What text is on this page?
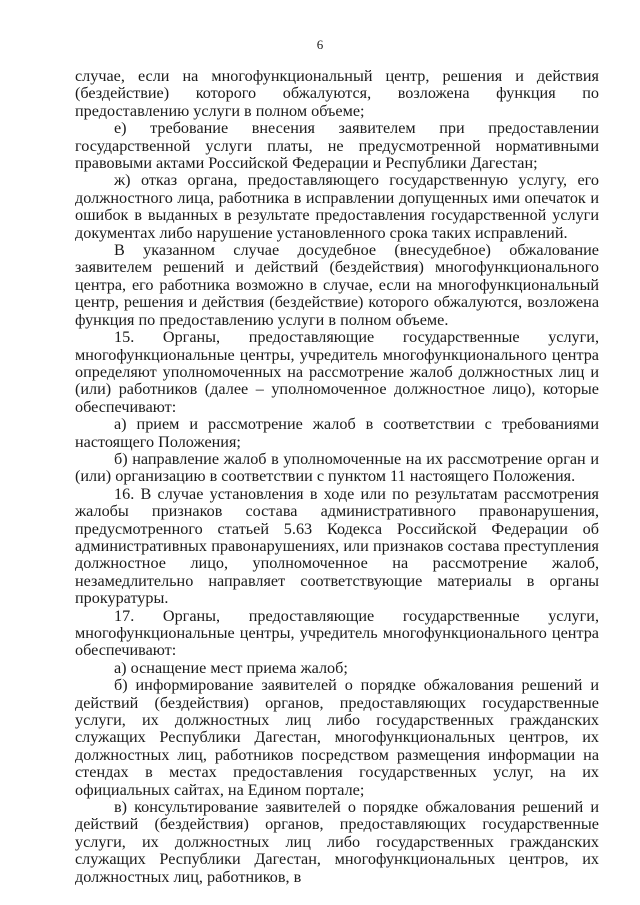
6

случае, если на многофункциональный центр, решения и действия (бездействие) которого обжалуются, возложена функция по предоставлению услуги в полном объеме;

е) требование внесения заявителем при предоставлении государственной услуги платы, не предусмотренной нормативными правовыми актами Российской Федерации и Республики Дагестан;

ж) отказ органа, предоставляющего государственную услугу, его должностного лица, работника в исправлении допущенных ими опечаток и ошибок в выданных в результате предоставления государственной услуги документах либо нарушение установленного срока таких исправлений.

В указанном случае досудебное (внесудебное) обжалование заявителем решений и действий (бездействия) многофункционального центра, его работника возможно в случае, если на многофункциональный центр, решения и действия (бездействие) которого обжалуются, возложена функция по предоставлению услуги в полном объеме.

15. Органы, предоставляющие государственные услуги, многофункциональные центры, учредитель многофункционального центра определяют уполномоченных на рассмотрение жалоб должностных лиц и (или) работников (далее – уполномоченное должностное лицо), которые обеспечивают:

а) прием и рассмотрение жалоб в соответствии с требованиями настоящего Положения;

б) направление жалоб в уполномоченные на их рассмотрение орган и (или) организацию в соответствии с пунктом 11 настоящего Положения.

16. В случае установления в ходе или по результатам рассмотрения жалобы признаков состава административного правонарушения, предусмотренного статьей 5.63 Кодекса Российской Федерации об административных правонарушениях, или признаков состава преступления должностное лицо, уполномоченное на рассмотрение жалоб, незамедлительно направляет соответствующие материалы в органы прокуратуры.

17. Органы, предоставляющие государственные услуги, многофункциональные центры, учредитель многофункционального центра обеспечивают:

а) оснащение мест приема жалоб;

б) информирование заявителей о порядке обжалования решений и действий (бездействия) органов, предоставляющих государственные услуги, их должностных лиц либо государственных гражданских служащих Республики Дагестан, многофункциональных центров, их должностных лиц, работников посредством размещения информации на стендах в местах предоставления государственных услуг, на их официальных сайтах, на Едином портале;

в) консультирование заявителей о порядке обжалования решений и действий (бездействия) органов, предоставляющих государственные услуги, их должностных лиц либо государственных гражданских служащих Республики Дагестан, многофункциональных центров, их должностных лиц, работников, в
